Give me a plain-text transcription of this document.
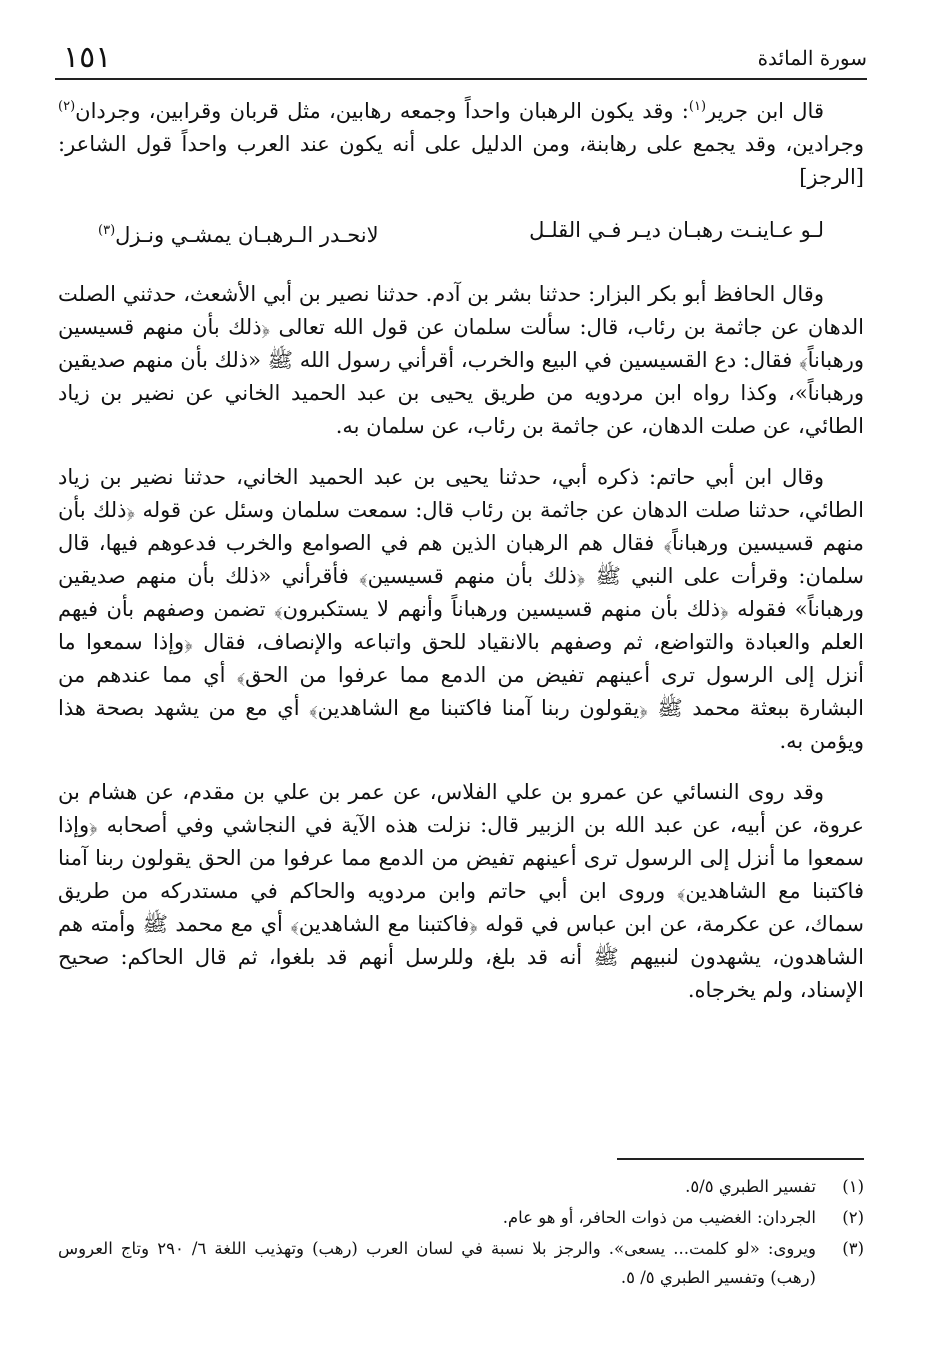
١٥١	سورة المائدة

قال ابن جرير$^{(١)}$: وقد يكون الرهبان واحداً وجمعه رهابين، مثل قربان وقرابين، وجردان$^{(٢)}$ وجرادين، وقد يجمع على رهابنة، ومن الدليل على أنه يكون عند العرب واحداً قول الشاعر: [الرجز]

لـو عـاينـت رهبـان ديـر فـي القلـل
لانحـدر الـرهبـان يمشـي ونـزل$^{(٣)}$

وقال الحافظ أبو بكر البزار: حدثنا بشر بن آدم. حدثنا نصير بن أبي الأشعث، حدثني الصلت الدهان عن جاثمة بن رئاب، قال: سألت سلمان عن قول الله تعالى ﴿ذلك بأن منهم قسيسين ورهباناً﴾ فقال: دع القسيسين في البيع والخرب، أقرأني رسول الله ﷺ «ذلك بأن منهم صديقين ورهباناً»، وكذا رواه ابن مردويه من طريق يحيى بن عبد الحميد الخاني عن نضير بن زياد الطائي، عن صلت الدهان، عن جاثمة بن رئاب، عن سلمان به.

وقال ابن أبي حاتم: ذكره أبي، حدثنا يحيى بن عبد الحميد الخاني، حدثنا نضير بن زياد الطائي، حدثنا صلت الدهان عن جاثمة بن رئاب قال: سمعت سلمان وسئل عن قوله ﴿ذلك بأن منهم قسيسين ورهباناً﴾ فقال هم الرهبان الذين هم في الصوامع والخرب فدعوهم فيها، قال سلمان: وقرأت على النبي ﷺ ﴿ذلك بأن منهم قسيسين﴾ فأقرأني «ذلك بأن منهم صديقين ورهباناً» فقوله ﴿ذلك بأن منهم قسيسين ورهباناً وأنهم لا يستكبرون﴾ تضمن وصفهم بأن فيهم العلم والعبادة والتواضع، ثم وصفهم بالانقياد للحق واتباعه والإنصاف، فقال ﴿وإذا سمعوا ما أنزل إلى الرسول ترى أعينهم تفيض من الدمع مما عرفوا من الحق﴾ أي مما عندهم من البشارة ببعثة محمد ﷺ ﴿يقولون ربنا آمنا فاكتبنا مع الشاهدين﴾ أي مع من يشهد بصحة هذا ويؤمن به.

وقد روى النسائي عن عمرو بن علي الفلاس، عن عمر بن علي بن مقدم، عن هشام بن عروة، عن أبيه، عن عبد الله بن الزبير قال: نزلت هذه الآية في النجاشي وفي أصحابه ﴿وإذا سمعوا ما أنزل إلى الرسول ترى أعينهم تفيض من الدمع مما عرفوا من الحق يقولون ربنا آمنا فاكتبنا مع الشاهدين﴾ وروى ابن أبي حاتم وابن مردويه والحاكم في مستدركه من طريق سماك، عن عكرمة، عن ابن عباس في قوله ﴿فاكتبنا مع الشاهدين﴾ أي مع محمد ﷺ وأمته هم الشاهدون، يشهدون لنبيهم ﷺ أنه قد بلغ، وللرسل أنهم قد بلغوا، ثم قال الحاكم: صحيح الإسناد، ولم يخرجاه.

(١)
تفسير الطبري ٥/٥.
(٢)
الجردان: الغضيب من ذوات الحافر، أو هو عام.
(٣)
ويروى: «لو كلمت... يسعى». والرجز بلا نسبة في لسان العرب (رهب) وتهذيب اللغة ٦/ ٢٩٠ وتاج العروس (رهب) وتفسير الطبري ٥/ ٥.
